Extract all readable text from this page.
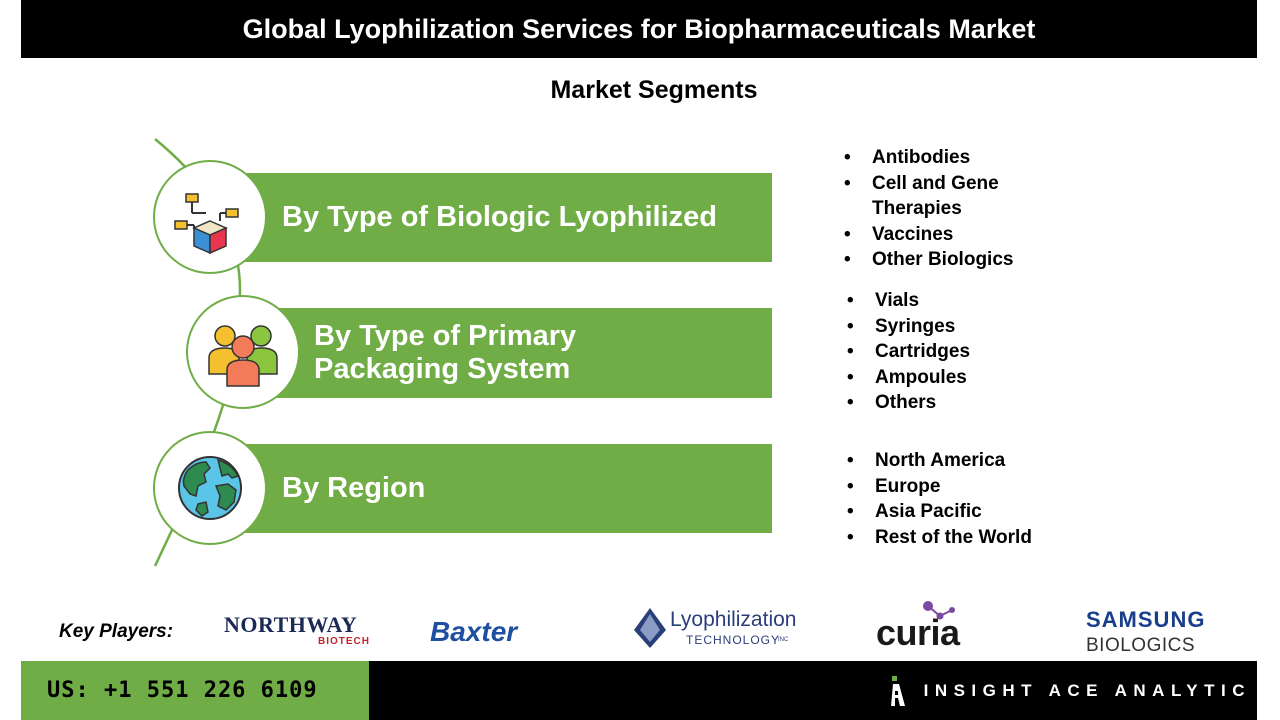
Global Lyophilization Services for Biopharmaceuticals Market
Market Segments
By Type of Biologic Lyophilized
• Antibodies
• Cell and Gene
Therapies
• Vaccines
• Other Biologics
By Type of Primary
Packaging System
• Vials
• Syringes
• Cartridges
• Ampoules
• Others
By Region
• North America
• Europe
• Asia Pacific
• Rest of the World
Key Players: NORTHWAY
BIOTECH Baxter	Lyophilization
TECHNOLOGY
INC curia	SAMSUNG
BIOLOGICS
US: +1 551 226 6109	INSIGHT ACE ANALYTIC
